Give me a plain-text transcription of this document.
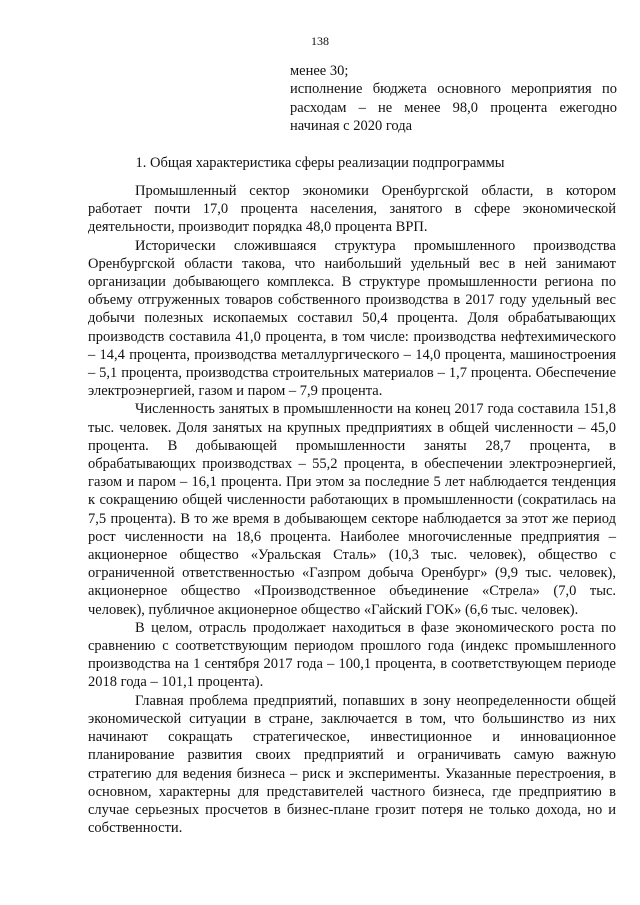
138

менее 30;

исполнение бюджета основного мероприятия по расходам – не менее 98,0 процента ежегодно начиная с 2020 года

1. Общая характеристика сферы реализации подпрограммы

Промышленный сектор экономики Оренбургской области, в котором работает почти 17,0 процента населения, занятого в сфере экономической деятельности, производит порядка 48,0 процента ВРП.

Исторически сложившаяся структура промышленного производства Оренбургской области такова, что наибольший удельный вес в ней занимают организации добывающего комплекса. В структуре промышленности региона по объему отгруженных товаров собственного производства в 2017 году удельный вес добычи полезных ископаемых составил 50,4 процента. Доля обрабатывающих производств составила 41,0 процента, в том числе: производства нефтехимического – 14,4 процента, производства металлургического – 14,0 процента, машиностроения – 5,1 процента, производства строительных материалов – 1,7 процента. Обеспечение электроэнергией, газом и паром – 7,9 процента.

Численность занятых в промышленности на конец 2017 года составила 151,8 тыс. человек. Доля занятых на крупных предприятиях в общей численности – 45,0 процента. В добывающей промышленности заняты 28,7 процента, в обрабатывающих производствах – 55,2 процента, в обеспечении электроэнергией, газом и паром – 16,1 процента. При этом за последние 5 лет наблюдается тенденция к сокращению общей численности работающих в промышленности (сократилась на 7,5 процента). В то же время в добывающем секторе наблюдается за этот же период рост численности на 18,6 процента. Наиболее многочисленные предприятия – акционерное общество «Уральская Сталь» (10,3 тыс. человек), общество с ограниченной ответственностью «Газпром добыча Оренбург» (9,9 тыс. человек), акционерное общество «Производственное объединение «Стрела» (7,0 тыс. человек), публичное акционерное общество «Гайский ГОК» (6,6 тыс. человек).

В целом, отрасль продолжает находиться в фазе экономического роста по сравнению с соответствующим периодом прошлого года (индекс промышленного производства на 1 сентября 2017 года – 100,1 процента, в соответствующем периоде 2018 года – 101,1 процента).

Главная проблема предприятий, попавших в зону неопределенности общей экономической ситуации в стране, заключается в том, что большинство из них начинают сокращать стратегическое, инвестиционное и инновационное планирование развития своих предприятий и ограничивать самую важную стратегию для ведения бизнеса – риск и эксперименты. Указанные перестроения, в основном, характерны для представителей частного бизнеса, где предприятию в случае серьезных просчетов в бизнес-плане грозит потеря не только дохода, но и собственности.
